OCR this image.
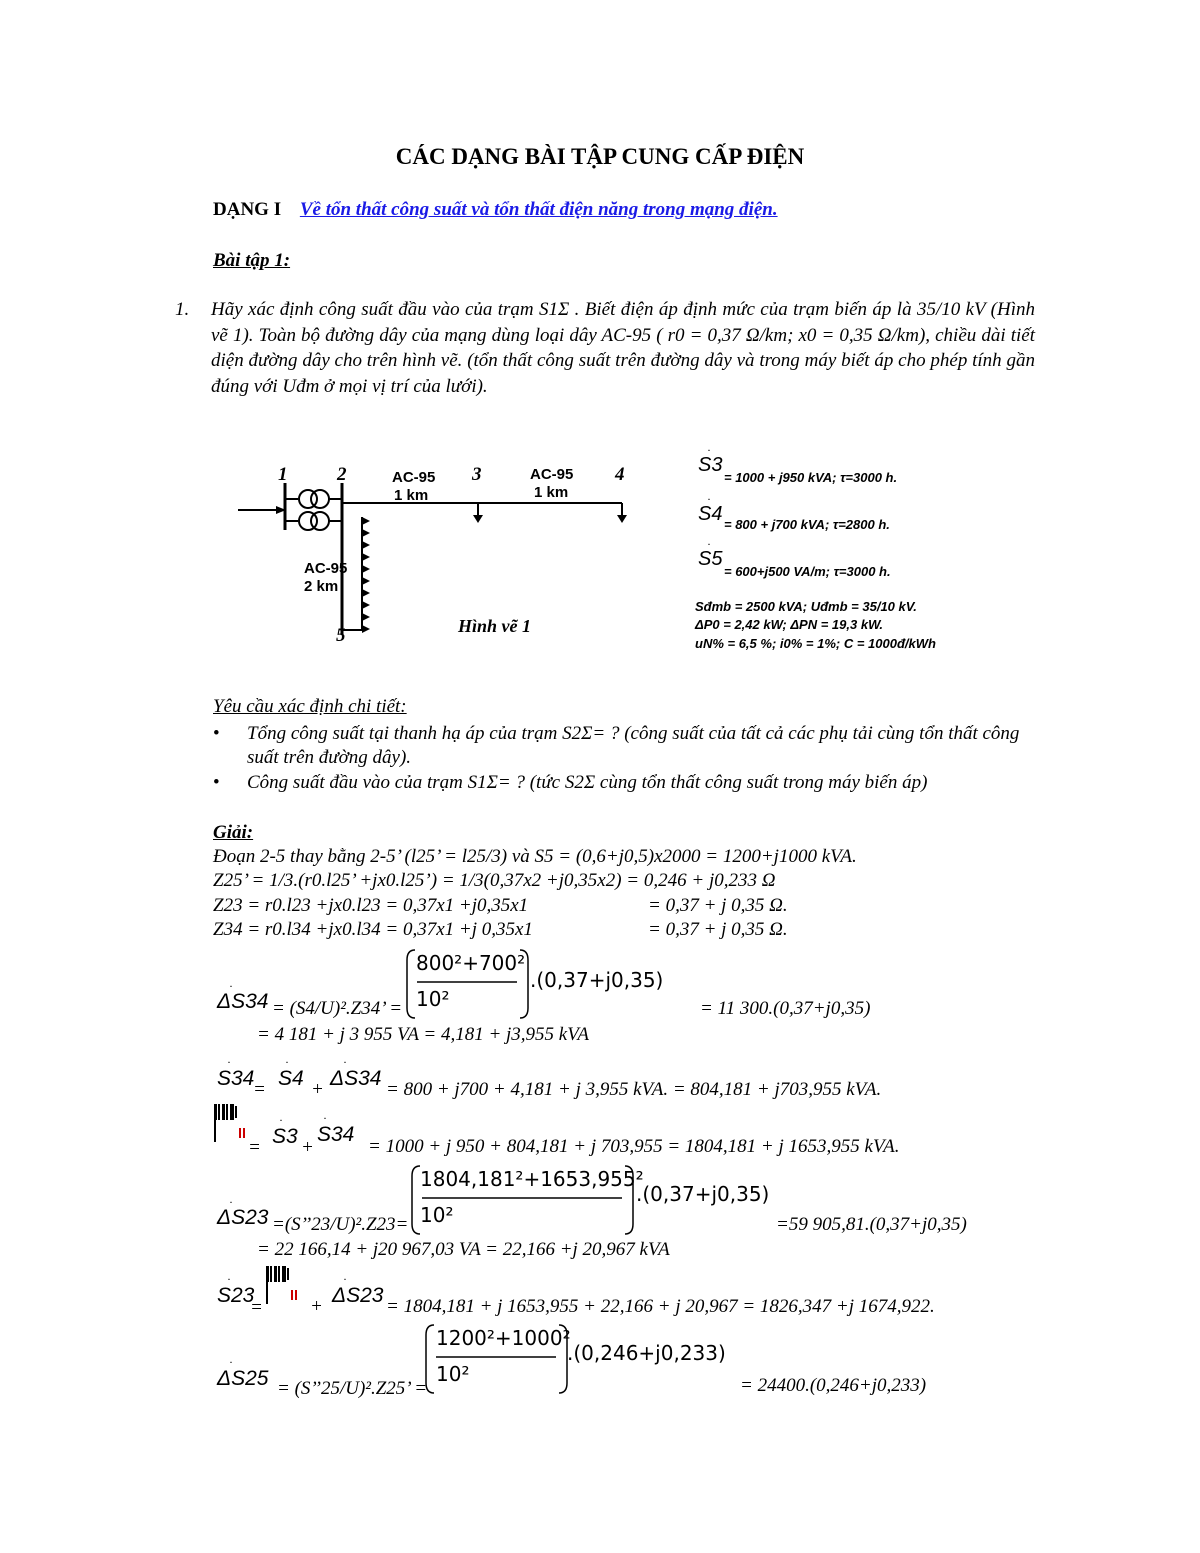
CÁC DẠNG BÀI TẬP CUNG CẤP ĐIỆN
DẠNG I Về tổn thất công suất và tổn thất điện năng trong mạng điện.
Bài tập 1:
1. Hãy xác định công suất đầu vào của trạm S1Σ . Biết điện áp định mức của trạm biến áp là 35/10 kV (Hình vẽ 1). Toàn bộ đường dây của mạng dùng loại dây AC-95 ( r0 = 0,37 Ω/km; x0 = 0,35 Ω/km), chiều dài tiết diện đường dây cho trên hình vẽ. (tổn thất công suất trên đường dây và trong máy biết áp cho phép tính gần đúng với Uđm ở mọi vị trí của lưới).
1	2	3	4
5
AC-95
1 km
AC-95
1 km
AC-95
2 km
Hình vẽ 1
S3
= 1000 + j950 kVA; τ=3000 h.
S4 = 800 + j700 kVA; τ=2800 h.
S5
= 600+j500 VA/m; τ=3000 h.
Sđmb = 2500 kVA; Uđmb = 35/10 kV.
ΔP0 = 2,42 kW; ΔPN = 19,3 kW.
uN% = 6,5 %; i0% = 1%; C = 1000đ/kWh
Yêu cầu xác định chi tiết:
• Tổng công suất tại thanh hạ áp của trạm S2Σ= ? (công suất của tất cả các phụ tải cùng tổn thất công suất trên đường dây).
• Công suất đầu vào của trạm S1Σ= ? (tức S2Σ cùng tổn thất công suất trong máy biến áp)
Giải:
Đoạn 2-5 thay bằng 2-5’ (l25’ = l25/3) và S5 = (0,6+j0,5)x2000 = 1200+j1000 kVA.
Z25’ = 1/3.(r0.l25’ +jx0.l25’) = 1/3(0,37x2 +j0,35x2) = 0,246 + j0,233 Ω
Z23 = r0.l23 +jx0.l23 = 0,37x1 +j0,35x1	= 0,37 + j 0,35 Ω.
Z34 = r0.l34 +jx0.l34 = 0,37x1 +j 0,35x1	= 0,37 + j 0,35 Ω.
ΔS34 = (S4/U)².Z34’ =
800²+700²
10²
.(0,37+j0,35)
= 11 300.(0,37+j0,35)
= 4 181 + j 3 955 VA = 4,181 + j3,955 kVA
S34
= S4 + ΔS34 = 800 + j700 + 4,181 + j 3,955 kVA. = 804,181 + j703,955 kVA.
= S3 +
S34
= 1000 + j 950 + 804,181 + j 703,955 = 1804,181 + j 1653,955 kVA.
ΔS23 =(S’’23/U)².Z23=
1804,181²+1653,955²
10²
.(0,37+j0,35)
=59 905,81.(0,37+j0,35)
= 22 166,14 + j20 967,03 VA = 22,166 +j 20,967 kVA
S23
= + ΔS23 = 1804,181 + j 1653,955 + 22,166 + j 20,967 = 1826,347 +j 1674,922.
ΔS25 = (S’’25/U)².Z25’ =
1200²+1000²
10²
.(0,246+j0,233)
= 24400.(0,246+j0,233)
·
·
·
·
·	·	·
·	·
·
·	·
·
